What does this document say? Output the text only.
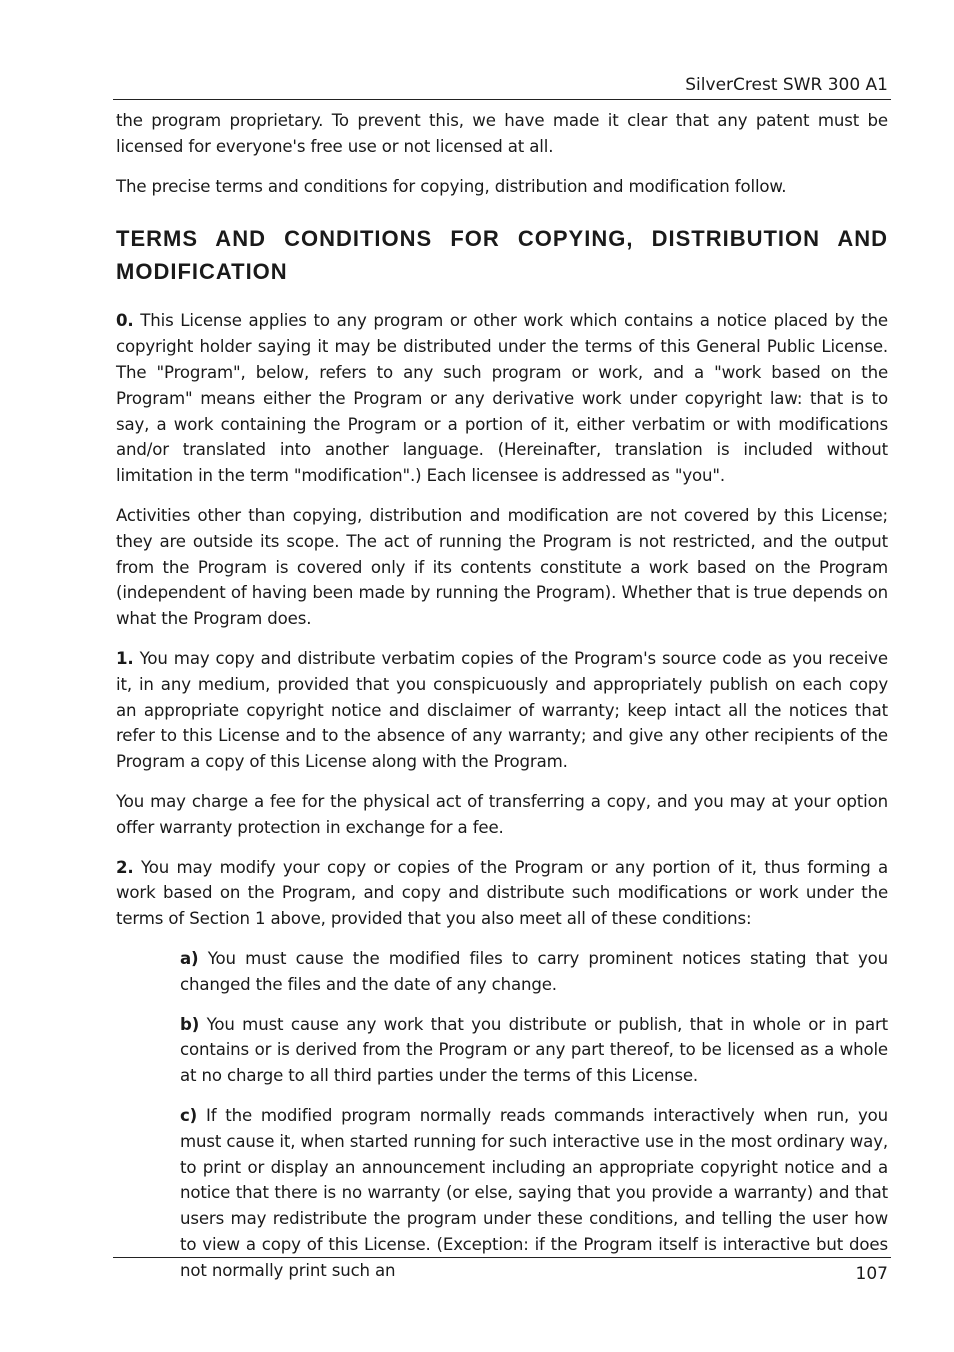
SilverCrest SWR 300 A1

the program proprietary. To prevent this, we have made it clear that any patent must be licensed for everyone's free use or not licensed at all.

The precise terms and conditions for copying, distribution and modification follow.

TERMS AND CONDITIONS FOR COPYING, DISTRIBUTION AND MODIFICATION

0. This License applies to any program or other work which contains a notice placed by the copyright holder saying it may be distributed under the terms of this General Public License. The "Program", below, refers to any such program or work, and a "work based on the Program" means either the Program or any derivative work under copyright law: that is to say, a work containing the Program or a portion of it, either verbatim or with modifications and/or translated into another language. (Hereinafter, translation is included without limitation in the term "modification".) Each licensee is addressed as "you".

Activities other than copying, distribution and modification are not covered by this License; they are outside its scope. The act of running the Program is not restricted, and the output from the Program is covered only if its contents constitute a work based on the Program (independent of having been made by running the Program). Whether that is true depends on what the Program does.

1. You may copy and distribute verbatim copies of the Program's source code as you receive it, in any medium, provided that you conspicuously and appropriately publish on each copy an appropriate copyright notice and disclaimer of warranty; keep intact all the notices that refer to this License and to the absence of any warranty; and give any other recipients of the Program a copy of this License along with the Program.

You may charge a fee for the physical act of transferring a copy, and you may at your option offer warranty protection in exchange for a fee.

2. You may modify your copy or copies of the Program or any portion of it, thus forming a work based on the Program, and copy and distribute such modifications or work under the terms of Section 1 above, provided that you also meet all of these conditions:

a) You must cause the modified files to carry prominent notices stating that you changed the files and the date of any change.

b) You must cause any work that you distribute or publish, that in whole or in part contains or is derived from the Program or any part thereof, to be licensed as a whole at no charge to all third parties under the terms of this License.

c) If the modified program normally reads commands interactively when run, you must cause it, when started running for such interactive use in the most ordinary way, to print or display an announcement including an appropriate copyright notice and a notice that there is no warranty (or else, saying that you provide a warranty) and that users may redistribute the program under these conditions, and telling the user how to view a copy of this License. (Exception: if the Program itself is interactive but does not normally print such an	107
